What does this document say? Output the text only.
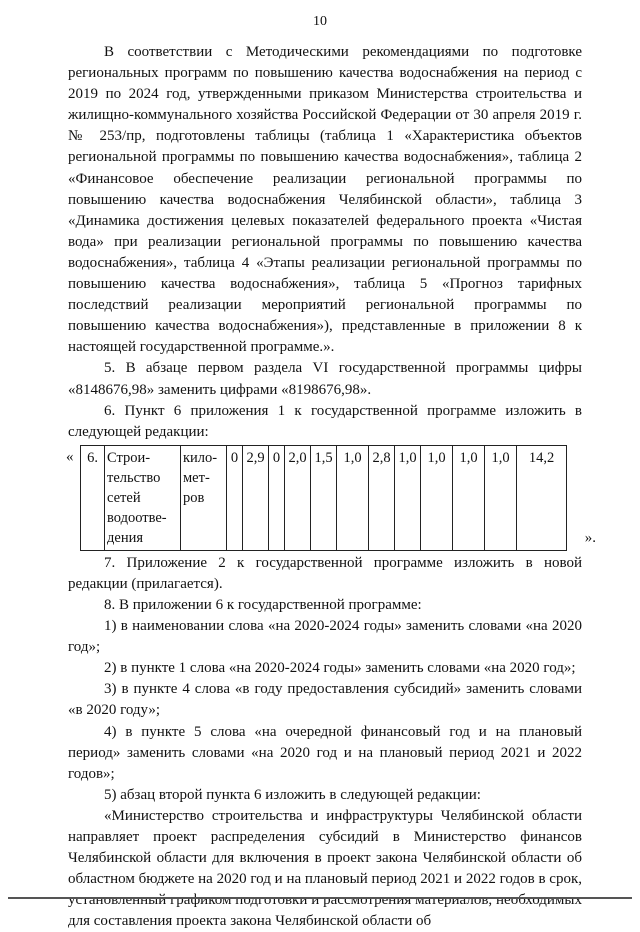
10

В соответствии с Методическими рекомендациями по подготовке региональных программ по повышению качества водоснабжения на период с 2019 по 2024 год, утвержденными приказом Министерства строительства и жилищно-коммунального хозяйства Российской Федерации от 30 апреля 2019 г. № 253/пр, подготовлены таблицы (таблица 1 «Характеристика объектов региональной программы по повышению качества водоснабжения», таблица 2 «Финансовое обеспечение реализации региональной программы по повышению качества водоснабжения Челябинской области», таблица 3 «Динамика достижения целевых показателей федерального проекта «Чистая вода» при реализации региональной программы по повышению качества водоснабжения», таблица 4 «Этапы реализации региональной программы по повышению качества водоснабжения», таблица 5 «Прогноз тарифных последствий реализации мероприятий региональной программы по повышению качества водоснабжения»), представленные в приложении 8 к настоящей государственной программе.».

5. В абзаце первом раздела VI государственной программы цифры «8148676,98» заменить цифрами «8198676,98».

6. Пункт 6 приложения 1 к государственной программе изложить в следующей редакции:

« 6.	Строи-
тельство
сетей
водоотве-
дения	кило-
мет-
ров	0	2,9	0	2,0	1,5	1,0	2,8	1,0	1,0	1,0	1,0	14,2
».

7. Приложение 2 к государственной программе изложить в новой редакции (прилагается).

8. В приложении 6 к государственной программе:

1) в наименовании слова «на 2020-2024 годы» заменить словами «на 2020 год»;

2) в пункте 1 слова «на 2020-2024 годы» заменить словами «на 2020 год»;

3) в пункте 4 слова «в году предоставления субсидий» заменить словами «в 2020 году»;

4) в пункте 5 слова «на очередной финансовый год и на плановый период» заменить словами «на 2020 год и на плановый период 2021 и 2022 годов»;

5) абзац второй пункта 6 изложить в следующей редакции:

«Министерство строительства и инфраструктуры Челябинской области направляет проект распределения субсидий в Министерство финансов Челябинской области для включения в проект закона Челябинской области об областном бюджете на 2020 год и на плановый период 2021 и 2022 годов в срок, установленный графиком подготовки и рассмотрения материалов, необходимых для составления проекта закона Челябинской области об
